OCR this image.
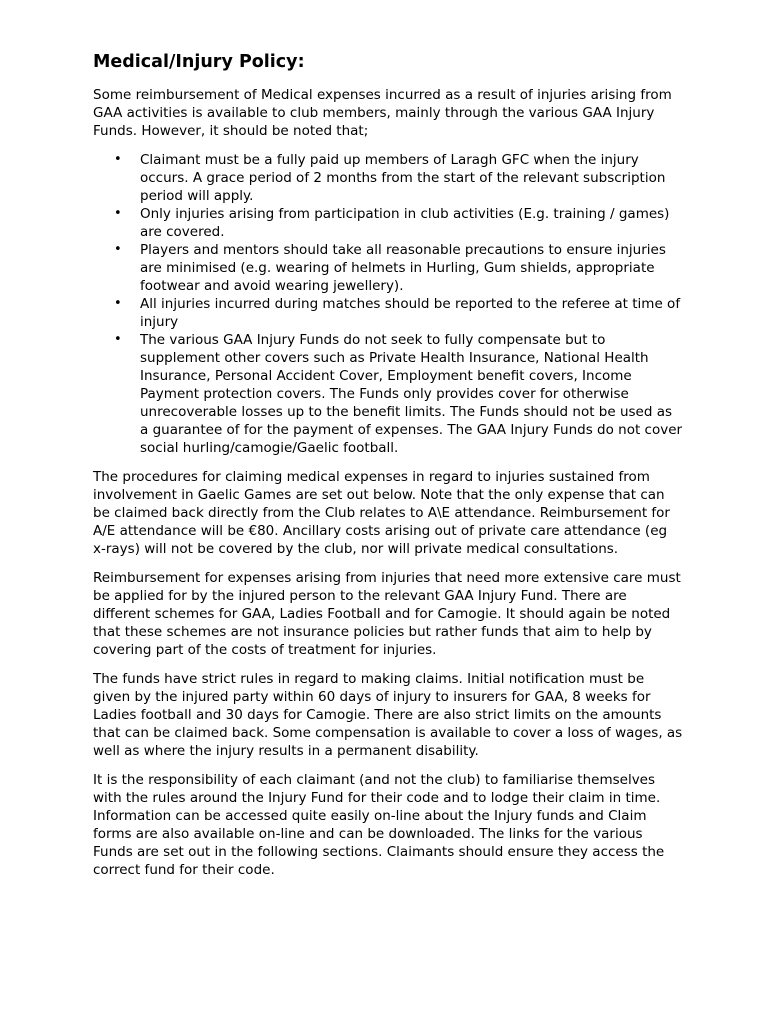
Medical/Injury Policy:

Some reimbursement of Medical expenses incurred as a result of injuries arising from GAA activities is available to club members, mainly through the various GAA Injury Funds. However, it should be noted that;

• Claimant must be a fully paid up members of Laragh GFC when the injury occurs. A grace period of 2 months from the start of the relevant subscription period will apply.
• Only injuries arising from participation in club activities (E.g. training / games) are covered.
• Players and mentors should take all reasonable precautions to ensure injuries are minimised (e.g. wearing of helmets in Hurling, Gum shields, appropriate footwear and avoid wearing jewellery).
• All injuries incurred during matches should be reported to the referee at time of injury
• The various GAA Injury Funds do not seek to fully compensate but to supplement other covers such as Private Health Insurance, National Health Insurance, Personal Accident Cover, Employment benefit covers, Income Payment protection covers. The Funds only provides cover for otherwise unrecoverable losses up to the benefit limits. The Funds should not be used as a guarantee of for the payment of expenses. The GAA Injury Funds do not cover social hurling/camogie/Gaelic football.

The procedures for claiming medical expenses in regard to injuries sustained from involvement in Gaelic Games are set out below. Note that the only expense that can be claimed back directly from the Club relates to A\E attendance. Reimbursement for A/E attendance will be €80. Ancillary costs arising out of private care attendance (eg x-rays) will not be covered by the club, nor will private medical consultations.

Reimbursement for expenses arising from injuries that need more extensive care must be applied for by the injured person to the relevant GAA Injury Fund. There are different schemes for GAA, Ladies Football and for Camogie. It should again be noted that these schemes are not insurance policies but rather funds that aim to help by covering part of the costs of treatment for injuries.

The funds have strict rules in regard to making claims. Initial notification must be given by the injured party within 60 days of injury to insurers for GAA, 8 weeks for Ladies football and 30 days for Camogie. There are also strict limits on the amounts that can be claimed back. Some compensation is available to cover a loss of wages, as well as where the injury results in a permanent disability.

It is the responsibility of each claimant (and not the club) to familiarise themselves with the rules around the Injury Fund for their code and to lodge their claim in time. Information can be accessed quite easily on-line about the Injury funds and Claim forms are also available on-line and can be downloaded. The links for the various Funds are set out in the following sections. Claimants should ensure they access the correct fund for their code.
